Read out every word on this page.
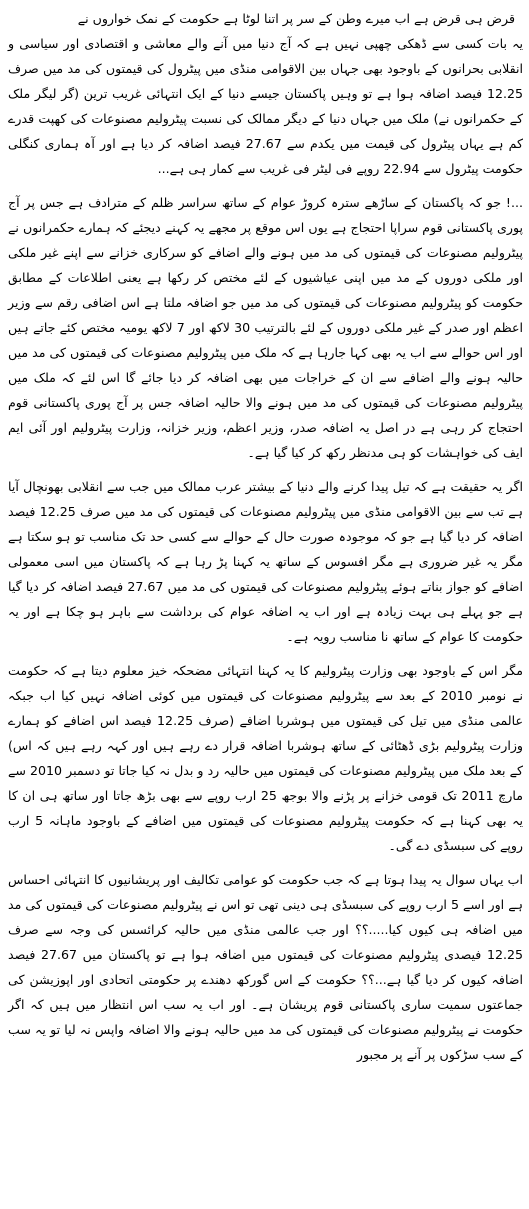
قرض ہی قرض ہے اب میرے وطن کے سر پر اتنا لوٹا ہے حکومت کے نمک خواروں نے

یہ بات کسی سے ڈھکی چھپی نہیں ہے کہ آج دنیا میں آنے والے معاشی و اقتصادی اور سیاسی و انقلابی بحرانوں کے باوجود بھی جہاں بین الاقوامی منڈی میں پیٹرول کی قیمتوں کی مد میں صرف 12.25 فیصد اضافہ ہوا ہے تو وہیں پاکستان جیسے دنیا کے ایک انتہائی غریب ترین (گر لیگر ملک کے حکمرانوں نے) ملک میں جہاں دنیا کے دیگر ممالک کی نسبت پیٹرولیم مصنوعات کی کھپت قدرے کم ہے یہاں پیٹرول کی قیمت میں یکدم سے 27.67 فیصد اضافہ کر دیا ہے اور آہ ہماری کنگلی حکومت پیٹرول سے 22.94 روپے فی لیٹر فی غریب سے کمار ہی ہے...

...! جو کہ پاکستان کے ساڑھے سترہ کروڑ عوام کے ساتھ سراسر ظلم کے مترادف ہے جس پر آج پوری پاکستانی قوم سراپا احتجاج ہے یوں اس موقع پر مجھے یہ کہنے دیجئے کہ ہمارے حکمرانوں نے پیٹرولیم مصنوعات کی قیمتوں کی مد میں ہونے والے اضافے کو سرکاری خزانے سے اپنے غیر ملکی اور ملکی دوروں کے مد میں اپنی عیاشیوں کے لئے مختص کر رکھا ہے یعنی اطلاعات کے مطابق حکومت کو پیٹرولیم مصنوعات کی قیمتوں کی مد میں جو اضافہ ملتا ہے اس اضافی رقم سے وزیر اعظم اور صدر کے غیر ملکی دوروں کے لئے بالترتیب 30 لاکھ اور 7 لاکھ یومیہ مختص کئے جاتے ہیں اور اس حوالے سے اب یہ بھی کہا جارہا ہے کہ ملک میں پیٹرولیم مصنوعات کی قیمتوں کی مد میں حالیہ ہونے والے اضافے سے ان کے خراجات میں بھی اضافہ کر دیا جائے گا اس لئے کہ ملک میں پیٹرولیم مصنوعات کی قیمتوں کی مد میں ہونے والا حالیہ اضافہ جس پر آج پوری پاکستانی قوم احتجاج کر رہی ہے در اصل یہ اضافہ صدر، وزیر اعظم، وزیر خزانہ، وزارت پیٹرولیم اور آئی ایم ایف کی خواہشات کو ہی مدنظر رکھ کر کیا گیا ہے۔

اگر یہ حقیقت ہے کہ تیل پیدا کرنے والے دنیا کے بیشتر عرب ممالک میں جب سے انقلابی بھونچال آیا ہے تب سے بین الاقوامی منڈی میں پیٹرولیم مصنوعات کی قیمتوں کی مد میں صرف 12.25 فیصد اضافہ کر دیا گیا ہے جو کہ موجودہ صورت حال کے حوالے سے کسی حد تک مناسب تو ہو سکتا ہے مگر یہ غیر ضروری ہے مگر افسوس کے ساتھ یہ کہنا پڑ رہا ہے کہ پاکستان میں اسی معمولی اضافے کو جواز بناتے ہوئے پیٹرولیم مصنوعات کی قیمتوں کی مد میں 27.67 فیصد اضافہ کر دیا گیا ہے جو پہلے ہی بہت زیادہ ہے اور اب یہ اضافہ عوام کی برداشت سے باہر ہو چکا ہے اور یہ حکومت کا عوام کے ساتھ نا مناسب رویہ ہے۔

مگر اس کے باوجود بھی وزارت پیٹرولیم کا یہ کہنا انتہائی مضحکہ خیز معلوم دیتا ہے کہ حکومت نے نومبر 2010 کے بعد سے پیٹرولیم مصنوعات کی قیمتوں میں کوئی اضافہ نہیں کیا اب جبکہ عالمی منڈی میں تیل کی قیمتوں میں ہوشربا اضافے (صرف 12.25 فیصد اس اضافے کو ہمارے وزارت پیٹرولیم بڑی ڈھٹائی کے ساتھ ہوشربا اضافہ قرار دے رہے ہیں اور کہہ رہے ہیں کہ اس) کے بعد ملک میں پیٹرولیم مصنوعات کی قیمتوں میں حالیہ رد و بدل نہ کیا جاتا تو دسمبر 2010 سے مارچ 2011 تک قومی خزانے پر پڑنے والا بوجھ 25 ارب روپے سے بھی بڑھ جاتا اور ساتھ ہی ان کا یہ بھی کہنا ہے کہ حکومت پیٹرولیم مصنوعات کی قیمتوں میں اضافے کے باوجود ماہانہ 5 ارب روپے کی سبسڈی دے گی۔

اب یہاں سوال یہ پیدا ہوتا ہے کہ جب حکومت کو عوامی تکالیف اور پریشانیوں کا انتہائی احساس ہے اور اسے 5 ارب روپے کی سبسڈی ہی دینی تھی تو اس نے پیٹرولیم مصنوعات کی قیمتوں کی مد میں اضافہ ہی کیوں کیا.....؟؟ اور جب عالمی منڈی میں حالیہ کرائسس کی وجہ سے صرف 12.25 فیصدی پیٹرولیم مصنوعات کی قیمتوں میں اضافہ ہوا ہے تو پاکستان میں 27.67 فیصد اضافہ کیوں کر دیا گیا ہے...؟؟ حکومت کے اس گورکھ دھندے پر حکومتی اتحادی اور اپوزیشن کی جماعتوں سمیت ساری پاکستانی قوم پریشان ہے۔ اور اب یہ سب اس انتظار میں ہیں کہ اگر حکومت نے پیٹرولیم مصنوعات کی قیمتوں کی مد میں حالیہ ہونے والا اضافہ واپس نہ لیا تو یہ سب کے سب سڑکوں پر آنے پر مجبور
